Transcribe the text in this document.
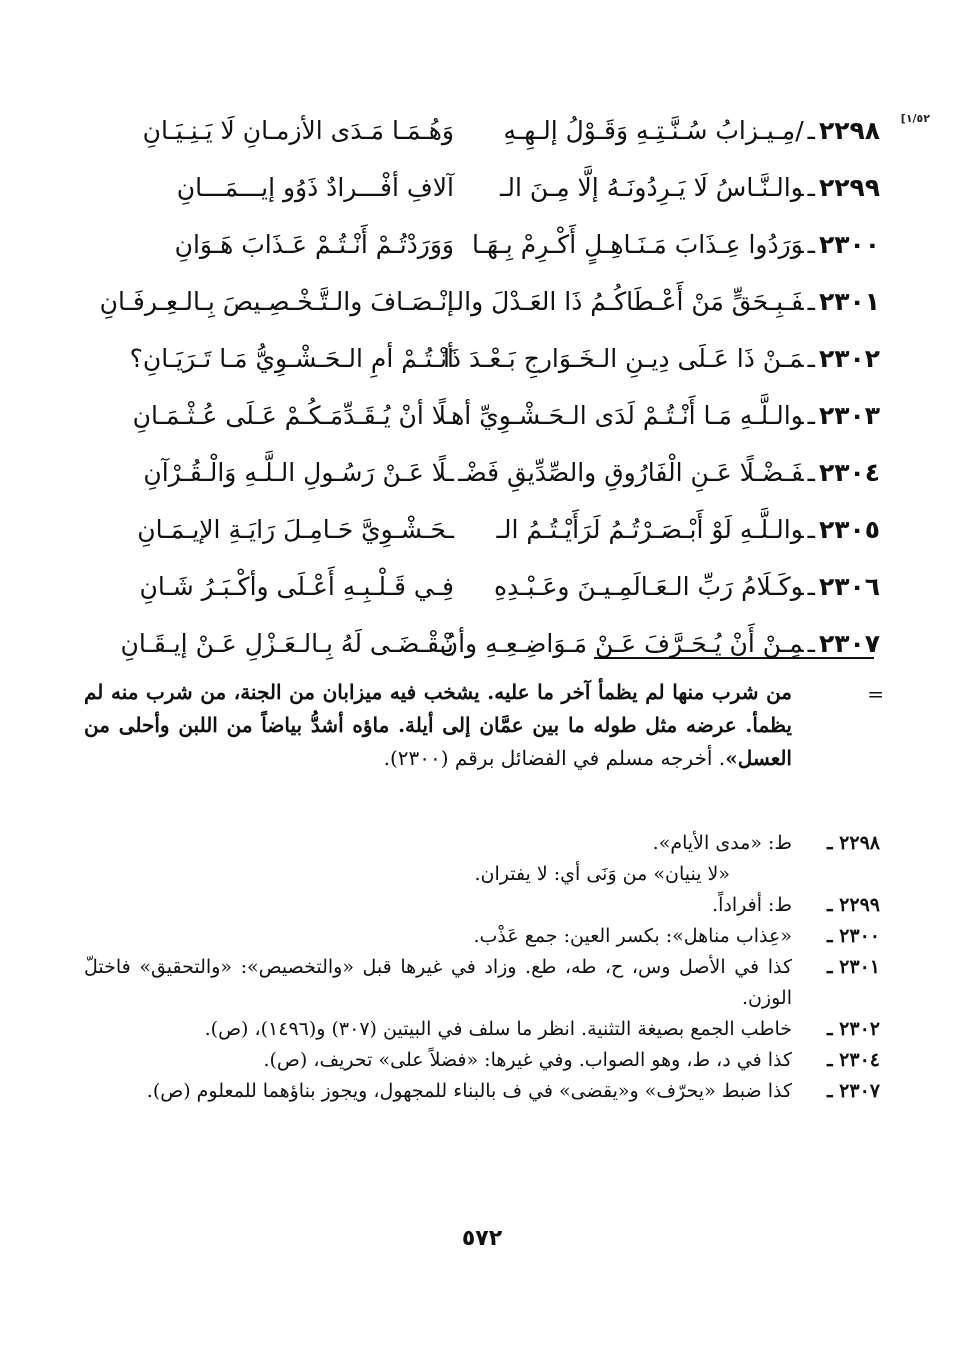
[١/٥٢
٢٢٩٨ـ/مِـيـزابُ سُـنَّـتِـهِ وَقَـوْلُ إلـهِـهِ
وَهُـمَـا مَـدَى الأزمـانِ لَا يَـنِـيَـانِ
٢٢٩٩ـوالـنَّـاسُ لَا يَـرِدُونَـهُ إلَّا مِـنَ الـ
آلافِ أفْـــرادٌ ذَوُو إيـــمَـــانِ
٢٣٠٠ـوَرَدُوا عِـذَابَ مَـنَـاهِـلٍ أَكْـرِمْ بِـهَـا
وَوَرَدْتُـمْ أَنْـتُـمْ عَـذَابَ هَـوَانِ
٢٣٠١ـفَـبِـحَقٍّ مَنْ أَعْـطَاكُـمُ ذَا العَـدْلَ والـ
إنْـصَـافَ والـتَّـخْـصِـيصَ بِـالـعِـرفَـانِ
٢٣٠٢ـمَـنْ ذَا عَـلَى دِيـنِ الـخَـوَارجِ بَـعْـدَ ذَا
أنْـتُـمْ أمِ الـحَـشْـوِيُّ مَـا تَـرَيَـانِ؟
٢٣٠٣ـوالـلَّـهِ مَـا أَنْـتُـمْ لَدَى الـحَـشْـوِيِّ أهـ
ـلًا أنْ يُـقَـدِّمَـكُـمْ عَـلَى عُـثْـمَـانِ
٢٣٠٤ـفَـضْـلًا عَـنِ الْفَارُوقِ والصِّدِّيقِ فَضْـ
ـلًا عَـنْ رَسُـولِ الـلَّـهِ وَالْـقُـرْآنِ
٢٣٠٥ـوالـلَّـهِ لَوْ أَبْـصَـرْتُـمُ لَرَأَيْـتُـمُ الـ
ـحَـشْـوِيَّ حَـامِـلَ رَايَـةِ الإيـمَـانِ
٢٣٠٦ـوكَـلَامُ رَبِّ الـعَـالَمِـيـنَ وعَـبْـدِهِ
فِـي قَـلْـبِـهِ أَعْـلَى وأكْـبَـرُ شَـانِ
٢٣٠٧ـمِـنْ أَنْ يُـحَـرَّفَ عَـنْ مَـوَاضِـعِـهِ وأنْ
يُـقْـضَـى لَهُ بِـالـعَـزْلِ عَـنْ إيـقَـانِ
=
من شرب منها لم يظمأ آخر ما عليه. يشخب فيه ميزابان من الجنة، من شرب منه لم يظمأ. عرضه مثل طوله ما بين عمَّان إلى أيلة. ماؤه أشدُّ بياضاً من اللبن وأحلى من العسل». أخرجه مسلم في الفضائل برقم (٢٣٠٠).
٢٢٩٨ ـ
ط: «مدى الأيام».
«لا ينيان» من وَنَى أي: لا يفتران.
٢٢٩٩ ـ
ط: أفراداً.
٢٣٠٠ ـ
«عِذاب مناهل»: بكسر العين: جمع عَذْب.
٢٣٠١ ـ
كذا في الأصل وس، ح، طه، طع. وزاد في غيرها قبل «والتخصيص»: «والتحقيق» فاختلّ الوزن.
٢٣٠٢ ـ
خاطب الجمع بصيغة التثنية. انظر ما سلف في البيتين (٣٠٧) و(١٤٩٦)، (ص).
٢٣٠٤ ـ
كذا في د، ط، وهو الصواب. وفي غيرها: «فضلاً على» تحريف، (ص).
٢٣٠٧ ـ
كذا ضبط «يحرّف» و«يقضى» في ف بالبناء للمجهول، ويجوز بناؤهما للمعلوم (ص).
٥٧٢
